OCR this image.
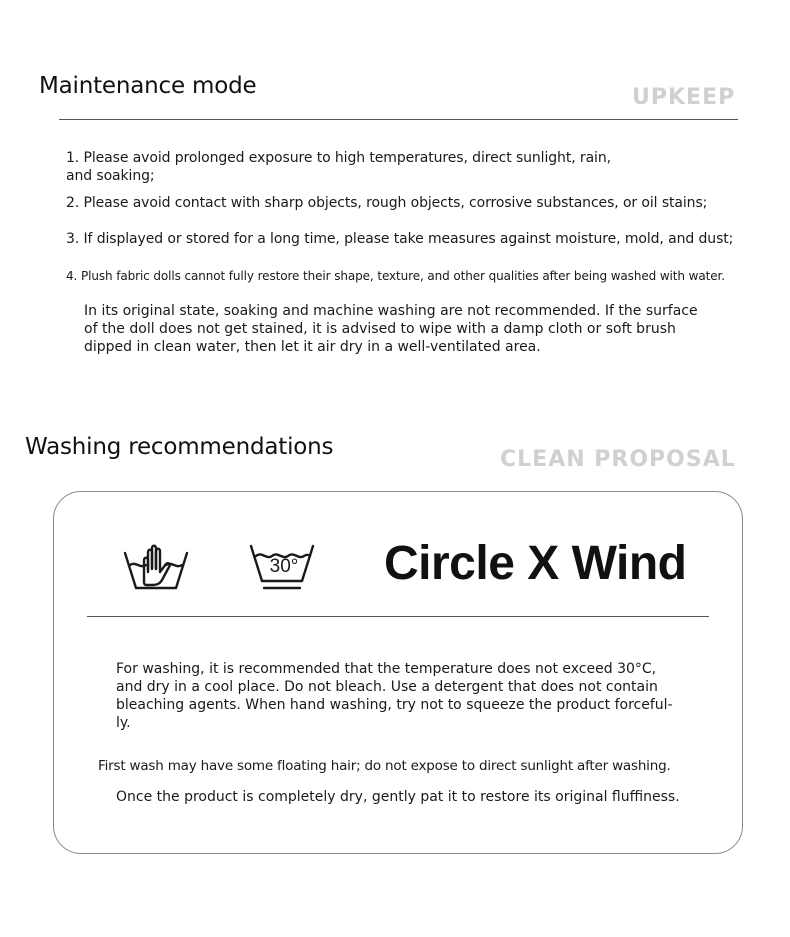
Maintenance mode	UPKEEP
1. Please avoid prolonged exposure to high temperatures, direct sunlight, rain, and soaking;
2. Please avoid contact with sharp objects, rough objects, corrosive substances, or oil stains;
3. If displayed or stored for a long time, please take measures against moisture, mold, and dust;
4. Plush fabric dolls cannot fully restore their shape, texture, and other qualities after being washed with water.
In its original state, soaking and machine washing are not recommended. If the surface of the doll does not get stained, it is advised to wipe with a damp cloth or soft brush dipped in clean water, then let it air dry in a well-ventilated area.
Washing recommendations	CLEAN PROPOSAL
30° Circle X Wind
For washing, it is recommended that the temperature does not exceed 30°C, and dry in a cool place. Do not bleach. Use a detergent that does not contain bleaching agents. When hand washing, try not to squeeze the product forceful-ly.
First wash may have some floating hair; do not expose to direct sunlight after washing.
Once the product is completely dry, gently pat it to restore its original fluffiness.
